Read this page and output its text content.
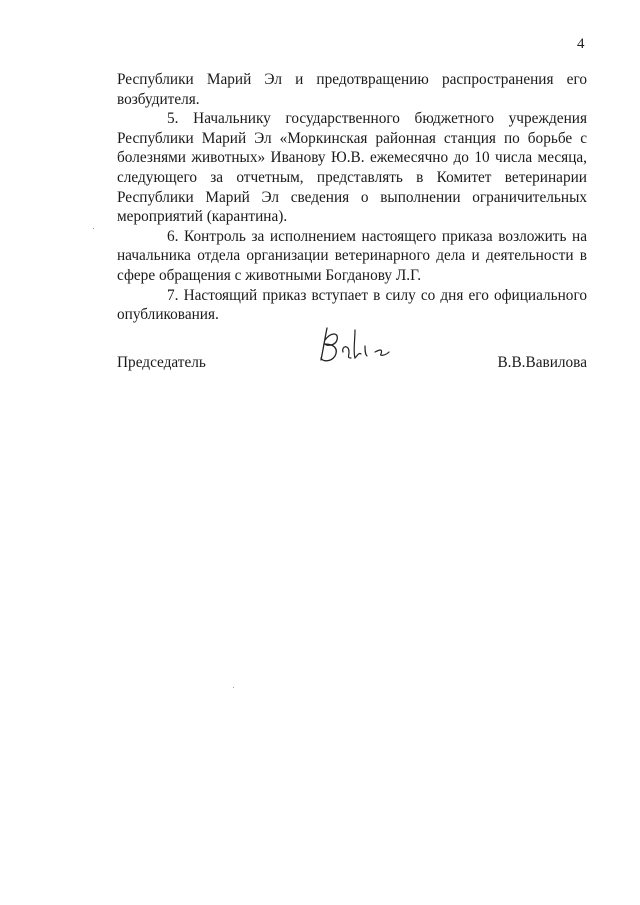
4

Республики Марий Эл и предотвращению распространения его возбудителя.

5. Начальнику государственного бюджетного учреждения Республики Марий Эл «Моркинская районная станция по борьбе с болезнями животных» Иванову Ю.В. ежемесячно до 10 числа месяца, следующего за отчетным, представлять в Комитет ветеринарии Республики Марий Эл сведения о выполнении ограничительных мероприятий (карантина).

6. Контроль за исполнением настоящего приказа возложить на начальника отдела организации ветеринарного дела и деятельности в сфере обращения с животными Богданову Л.Г.

7. Настоящий приказ вступает в силу со дня его официального опубликования.

Председатель	В.В.Вавилова
